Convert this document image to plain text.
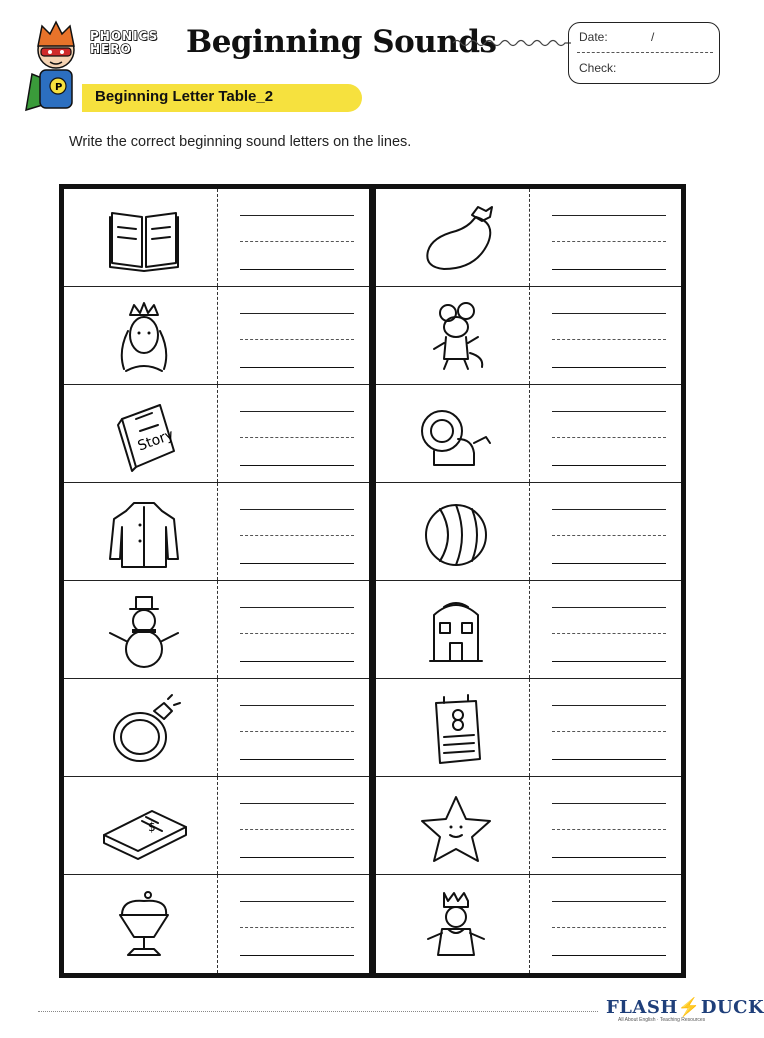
P
PHONICS
HERO	Beginning Sounds	Date:	/
Check:
Beginning Letter Table_2
Write the correct beginning sound letters on the lines.
Story
$
FLASH⚡DUCK
All About English · Teaching Resources
